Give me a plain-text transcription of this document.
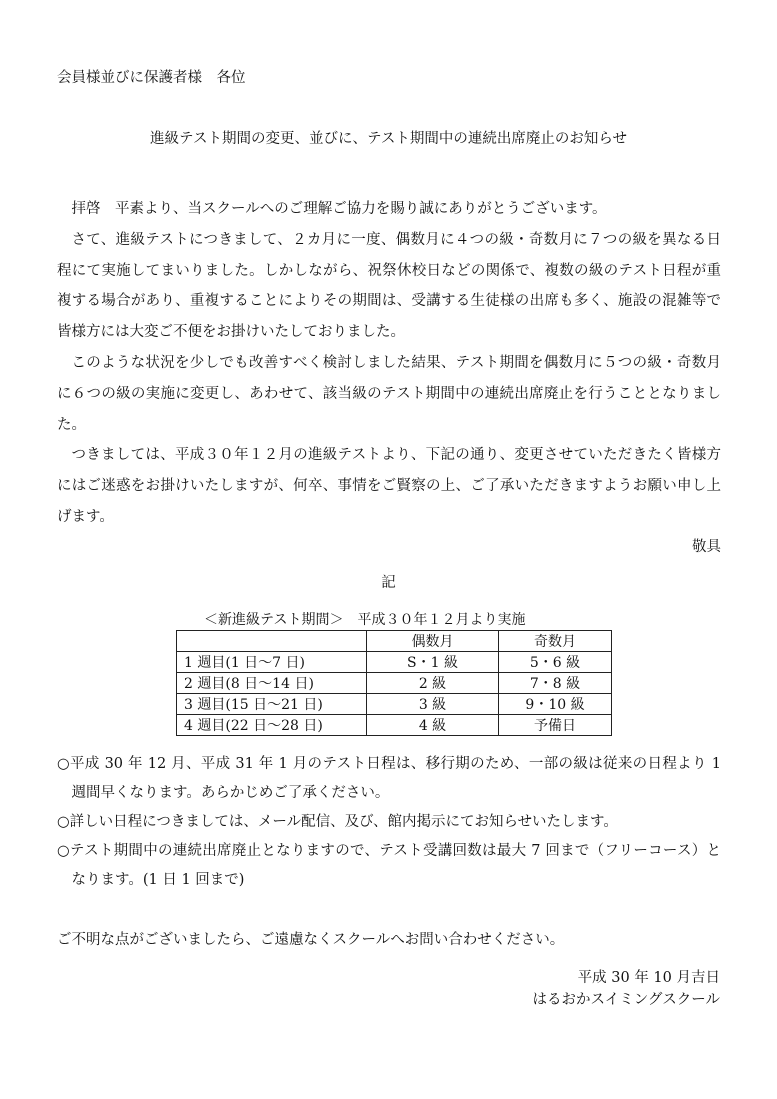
会員様並びに保護者様　各位
進級テスト期間の変更、並びに、テスト期間中の連続出席廃止のお知らせ

拝啓　平素より、当スクールへのご理解ご協力を賜り誠にありがとうございます。

さて、進級テストにつきまして、２カ月に一度、偶数月に４つの級・奇数月に７つの級を異なる日程にて実施してまいりました。しかしながら、祝祭休校日などの関係で、複数の級のテスト日程が重複する場合があり、重複することによりその期間は、受講する生徒様の出席も多く、施設の混雑等で皆様方には大変ご不便をお掛けいたしておりました。

このような状況を少しでも改善すべく検討しました結果、テスト期間を偶数月に５つの級・奇数月に６つの級の実施に変更し、あわせて、該当級のテスト期間中の連続出席廃止を行うこととなりました。

つきましては、平成３０年１２月の進級テストより、下記の通り、変更させていただきたく皆様方にはご迷惑をお掛けいたしますが、何卒、事情をご賢察の上、ご了承いただきますようお願い申し上げます。

敬具
記
＜新進級テスト期間＞　平成３０年１２月より実施
	偶数月	奇数月
1 週目(1 日～7 日)	S・1 級	5・6 級
2 週目(8 日～14 日)	2 級	7・8 級
3 週目(15 日～21 日)	3 級	9・10 級
4 週目(22 日～28 日)	4 級	予備日

○平成 30 年 12 月、平成 31 年 1 月のテスト日程は、移行期のため、一部の級は従来の日程より 1 週間早くなります。あらかじめご了承ください。

○詳しい日程につきましては、メール配信、及び、館内掲示にてお知らせいたします。

○テスト期間中の連続出席廃止となりますので、テスト受講回数は最大 7 回まで（フリーコース）となります。(1 日 1 回まで)

ご不明な点がございましたら、ご遠慮なくスクールへお問い合わせください。
平成 30 年 10 月吉日
はるおかスイミングスクール
